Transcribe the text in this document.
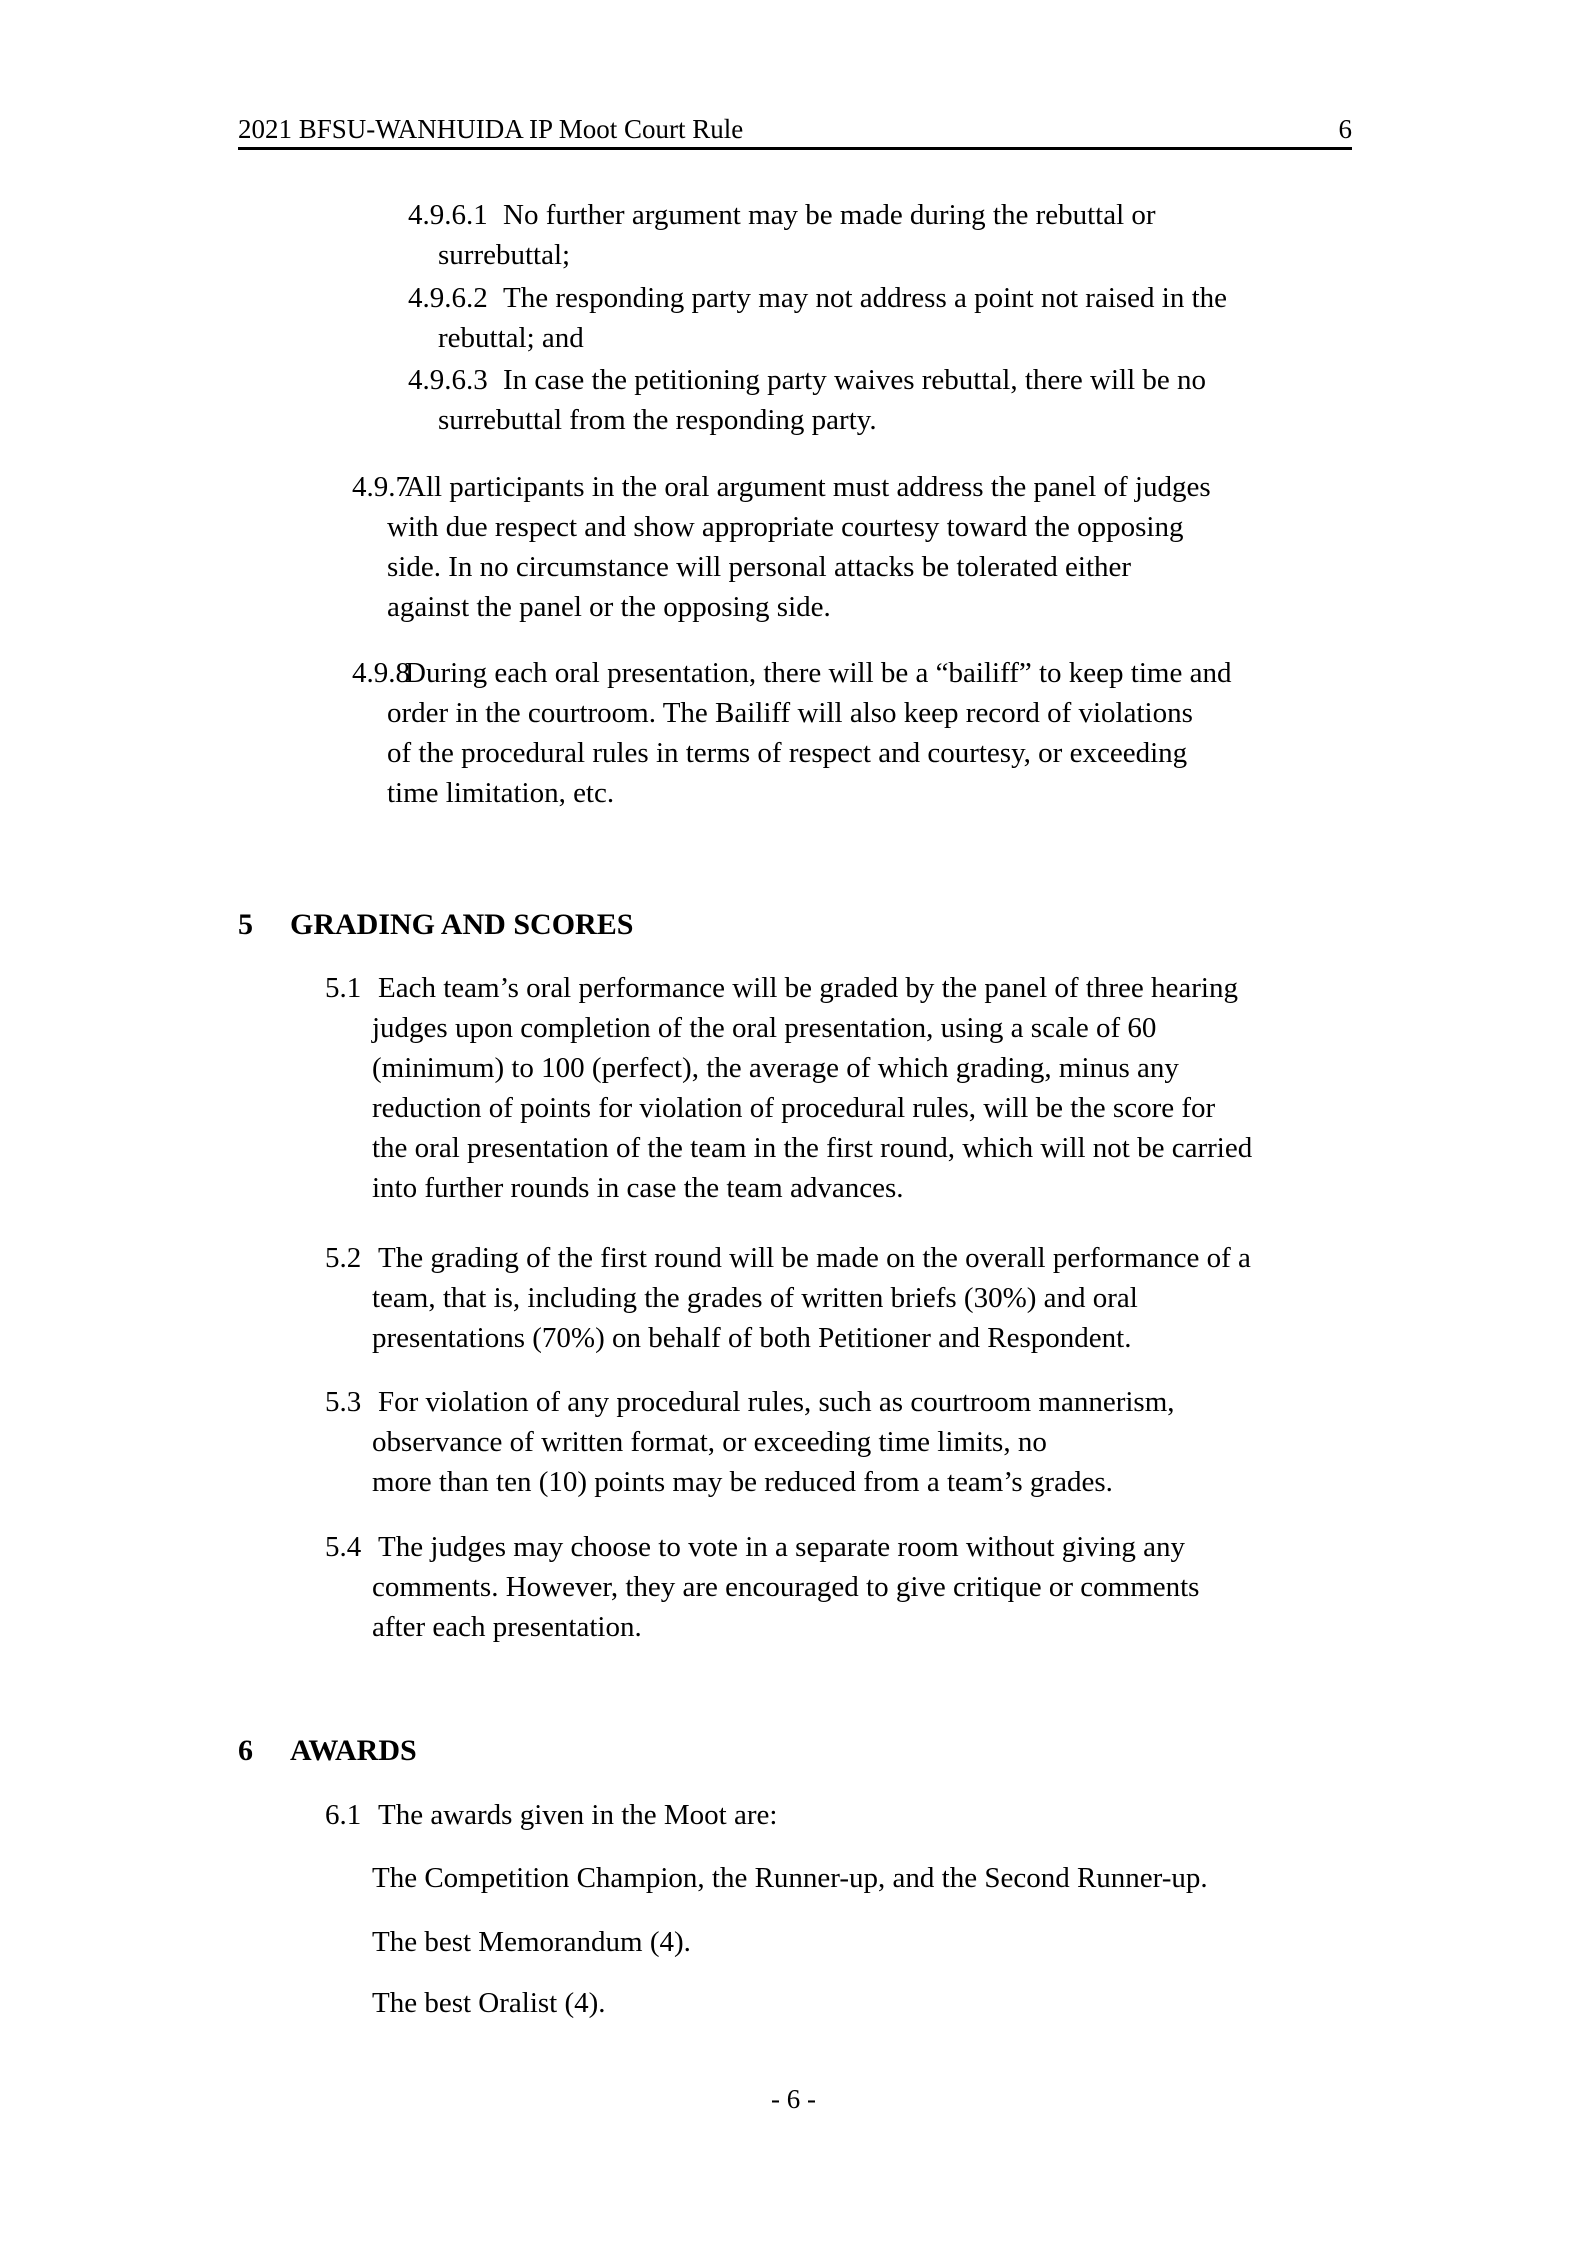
2021 BFSU-WANHUIDA IP Moot Court Rule	6
4.9.6.1 No further argument may be made during the rebuttal or
surrebuttal;
4.9.6.2 The responding party may not address a point not raised in the
rebuttal; and
4.9.6.3 In case the petitioning party waives rebuttal, there will be no
surrebuttal from the responding party.
4.9.7
All participants in the oral argument must address the panel of judges
with due respect and show appropriate courtesy toward the opposing
side. In no circumstance will personal attacks be tolerated either
against the panel or the opposing side.
4.9.8
During each oral presentation, there will be a “bailiff” to keep time and
order in the courtroom. The Bailiff will also keep record of violations
of the procedural rules in terms of respect and courtesy, or exceeding
time limitation, etc.
5 GRADING AND SCORES
5.1 Each team’s oral performance will be graded by the panel of three hearing
judges upon completion of the oral presentation, using a scale of 60
(minimum) to 100 (perfect), the average of which grading, minus any
reduction of points for violation of procedural rules, will be the score for
the oral presentation of the team in the first round, which will not be carried
into further rounds in case the team advances.
5.2 The grading of the first round will be made on the overall performance of a
team, that is, including the grades of written briefs (30%) and oral
presentations (70%) on behalf of both Petitioner and Respondent.
5.3 For violation of any procedural rules, such as courtroom mannerism,
observance of written format, or exceeding time limits, no
more than ten (10) points may be reduced from a team’s grades.
5.4 The judges may choose to vote in a separate room without giving any
comments. However, they are encouraged to give critique or comments
after each presentation.
6 AWARDS
6.1 The awards given in the Moot are:
The Competition Champion, the Runner-up, and the Second Runner-up.
The best Memorandum (4).
The best Oralist (4).
- 6 -
